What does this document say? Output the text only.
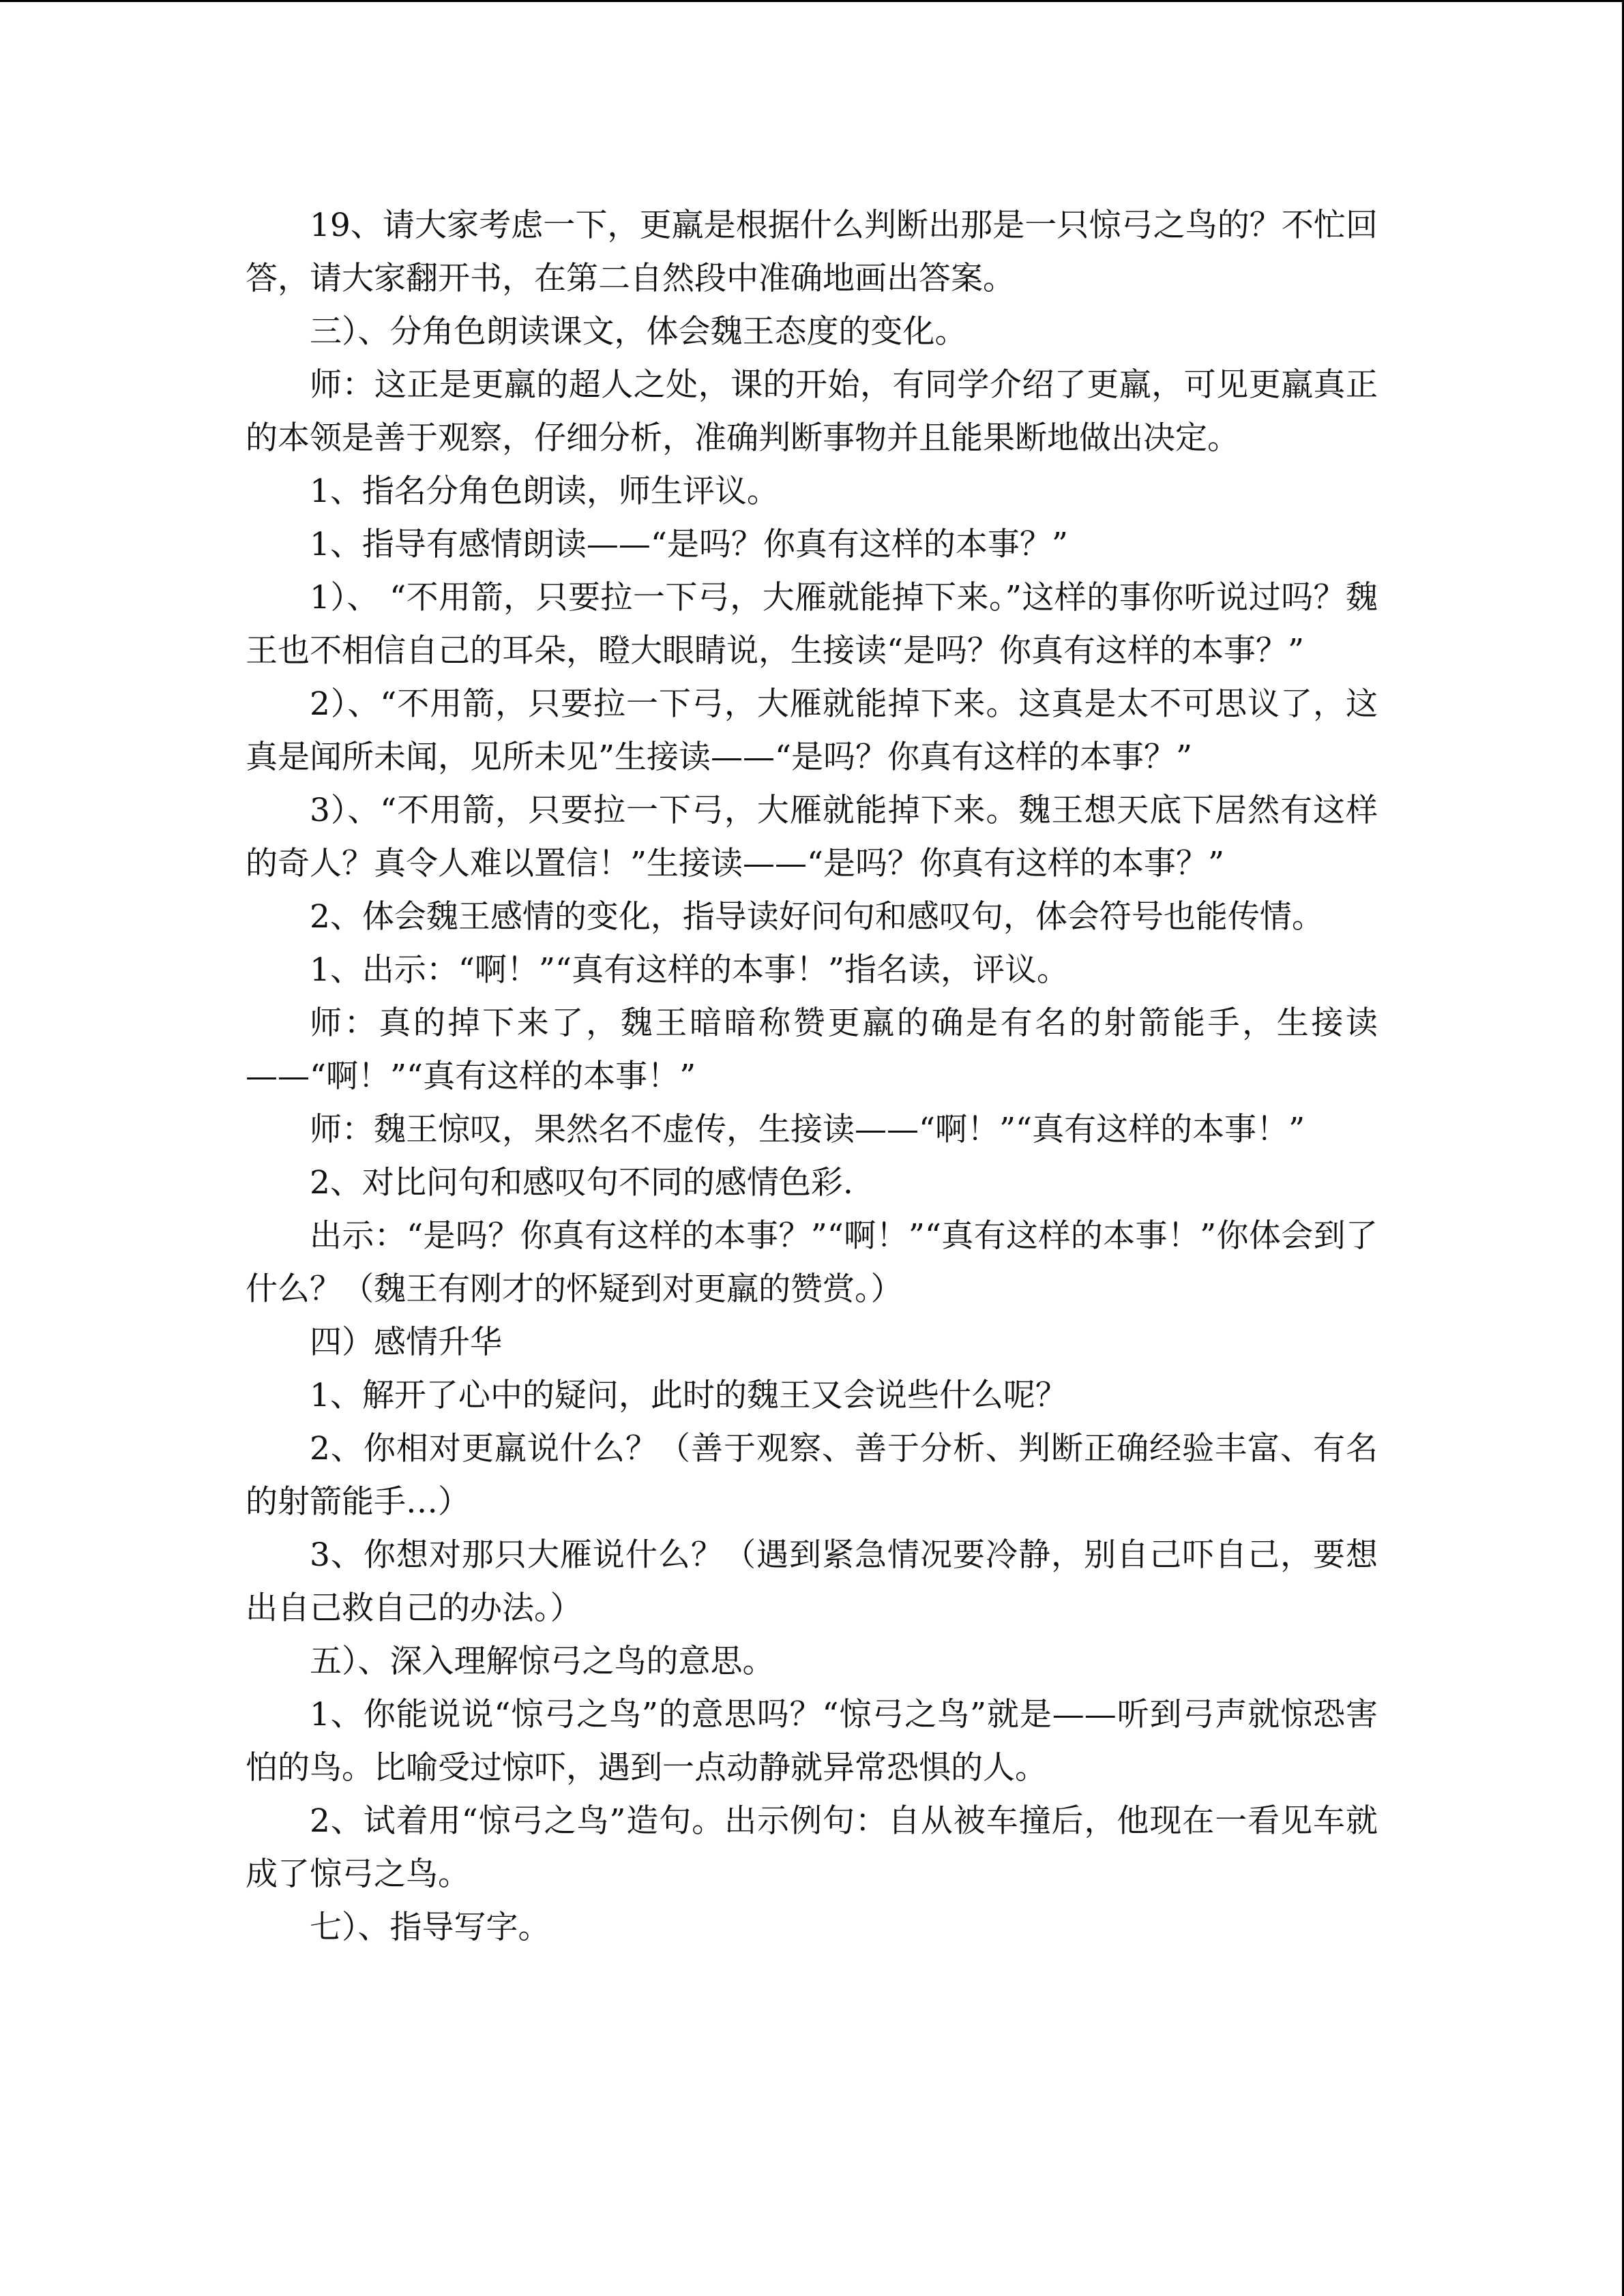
19、请大家考虑一下，更羸是根据什么判断出那是一只惊弓之鸟的？不忙回答，请大家翻开书，在第二自然段中准确地画出答案。

三）、分角色朗读课文，体会魏王态度的变化。

师：这正是更羸的超人之处，课的开始，有同学介绍了更羸，可见更羸真正的本领是善于观察，仔细分析，准确判断事物并且能果断地做出决定。

1、指名分角色朗读，师生评议。

1、指导有感情朗读——“是吗？你真有这样的本事？”

1）、 “不用箭，只要拉一下弓，大雁就能掉下来。”这样的事你听说过吗？魏王也不相信自己的耳朵，瞪大眼睛说，生接读“是吗？你真有这样的本事？”

2）、“不用箭，只要拉一下弓，大雁就能掉下来。这真是太不可思议了，这真是闻所未闻，见所未见”生接读——“是吗？你真有这样的本事？”

3）、“不用箭，只要拉一下弓，大雁就能掉下来。魏王想天底下居然有这样的奇人？真令人难以置信！”生接读——“是吗？你真有这样的本事？”

2、体会魏王感情的变化，指导读好问句和感叹句，体会符号也能传情。

1、出示：“啊！”“真有这样的本事！”指名读，评议。

师：真的掉下来了，魏王暗暗称赞更羸的确是有名的射箭能手，生接读——“啊！”“真有这样的本事！”

师：魏王惊叹，果然名不虚传，生接读——“啊！”“真有这样的本事！”

2、对比问句和感叹句不同的感情色彩.

出示：“是吗？你真有这样的本事？”“啊！”“真有这样的本事！”你体会到了什么？（魏王有刚才的怀疑到对更羸的赞赏。）

四）感情升华

1、解开了心中的疑问，此时的魏王又会说些什么呢？

2、你相对更羸说什么？（善于观察、善于分析、判断正确经验丰富、有名的射箭能手…）

3、你想对那只大雁说什么？（遇到紧急情况要冷静，别自己吓自己，要想出自己救自己的办法。）

五）、深入理解惊弓之鸟的意思。

1、你能说说“惊弓之鸟”的意思吗？“惊弓之鸟”就是——听到弓声就惊恐害怕的鸟。比喻受过惊吓，遇到一点动静就异常恐惧的人。

2、试着用“惊弓之鸟”造句。出示例句：自从被车撞后，他现在一看见车就成了惊弓之鸟。

七）、指导写字。
